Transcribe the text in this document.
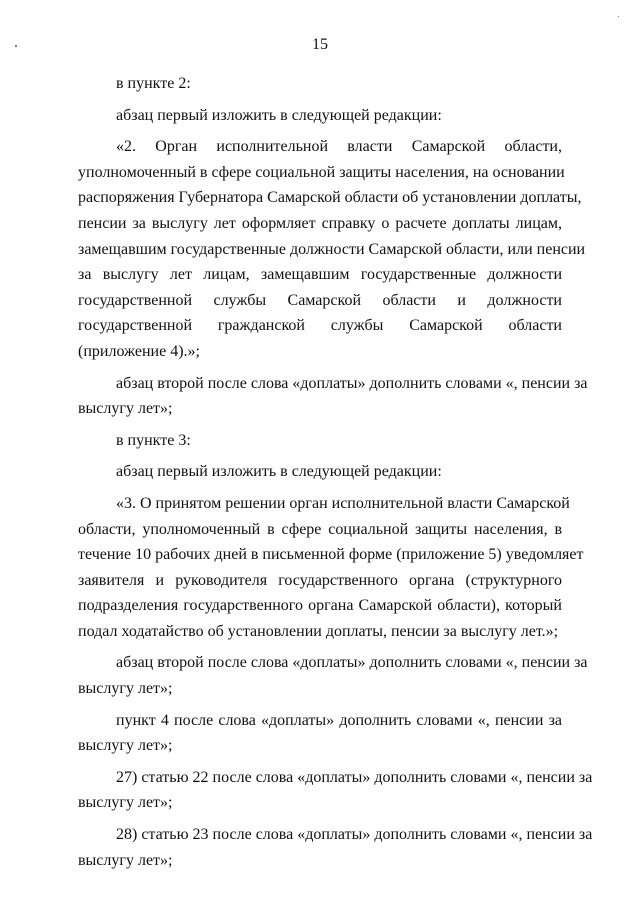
15
в пункте 2:
абзац первый изложить в следующей редакции:
«2. Орган исполнительной власти Самарской области,
уполномоченный в сфере социальной защиты населения, на основании
распоряжения Губернатора Самарской области об установлении доплаты,
пенсии за выслугу лет оформляет справку о расчете доплаты лицам,
замещавшим государственные должности Самарской области, или пенсии
за выслугу лет лицам, замещавшим государственные должности
государственной службы Самарской области и должности
государственной гражданской службы Самарской области
(приложение 4).»;
абзац второй после слова «доплаты» дополнить словами «, пенсии за
выслугу лет»;
в пункте 3:
абзац первый изложить в следующей редакции:
«3. О принятом решении орган исполнительной власти Самарской
области, уполномоченный в сфере социальной защиты населения, в
течение 10 рабочих дней в письменной форме (приложение 5) уведомляет
заявителя и руководителя государственного органа (структурного
подразделения государственного органа Самарской области), который
подал ходатайство об установлении доплаты, пенсии за выслугу лет.»;
абзац второй после слова «доплаты» дополнить словами «, пенсии за
выслугу лет»;
пункт 4 после слова «доплаты» дополнить словами «, пенсии за
выслугу лет»;
27) статью 22 после слова «доплаты» дополнить словами «, пенсии за
выслугу лет»;
28) статью 23 после слова «доплаты» дополнить словами «, пенсии за
выслугу лет»;
